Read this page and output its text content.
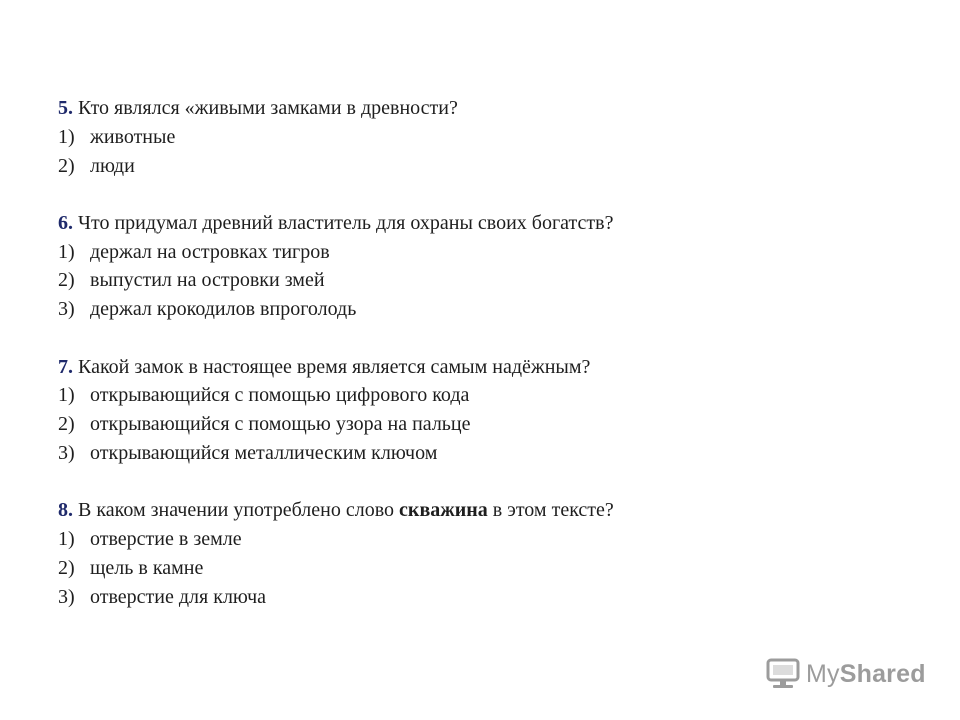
5. Кто являлся «живыми замками в древности?
1) животные
2) люди
6. Что придумал древний властитель для охраны своих богатств?
1) держал на островках тигров
2) выпустил на островки змей
3) держал крокодилов впроголодь
7. Какой замок в настоящее время является самым надёжным?
1) открывающийся с помощью цифрового кода
2) открывающийся с помощью узора на пальце
3) открывающийся металлическим ключом
8. В каком значении употреблено слово скважина в этом тексте?
1) отверстие в земле
2) щель в камне
3) отверстие для ключа
MyShared
